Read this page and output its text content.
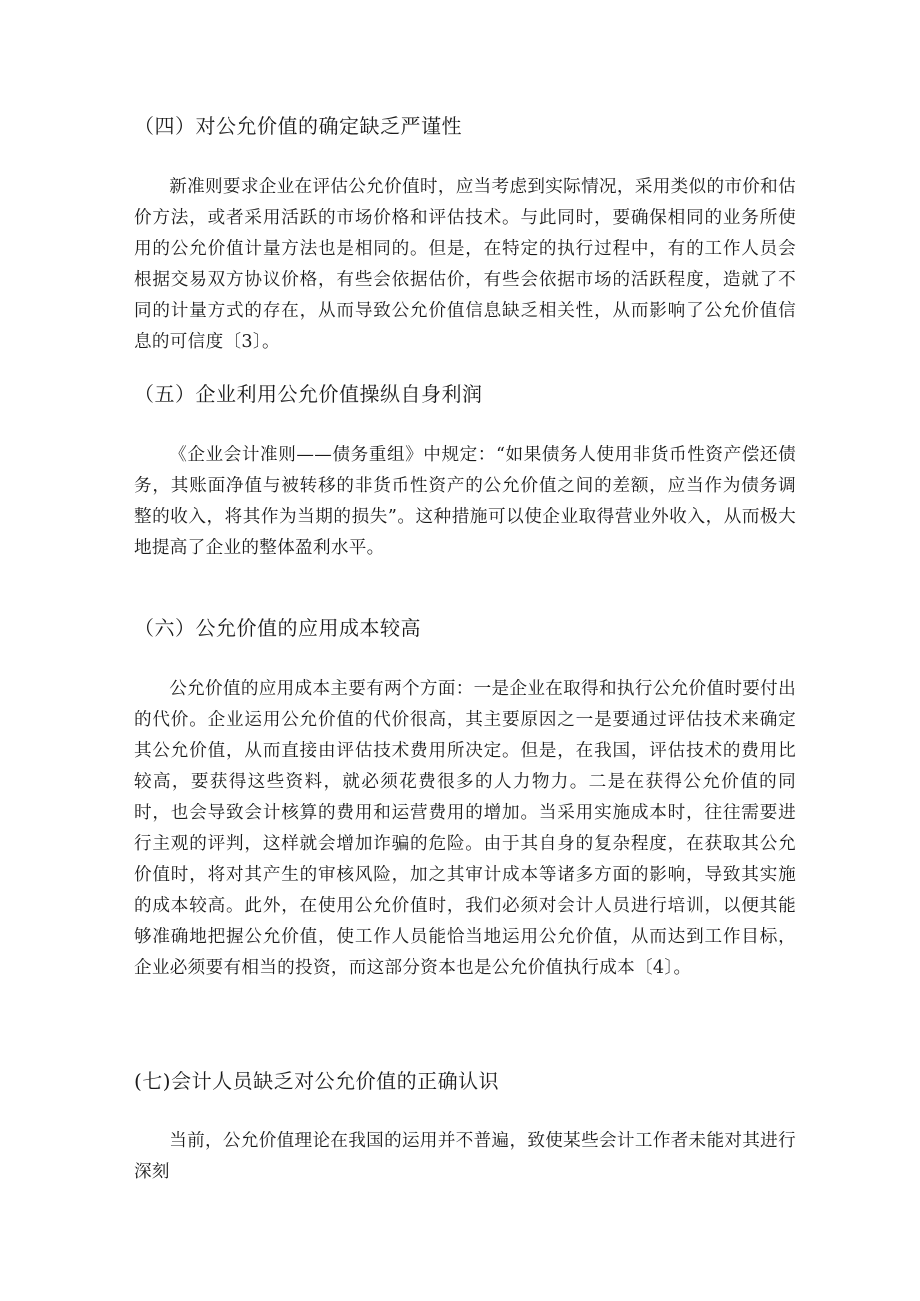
（四）对公允价值的确定缺乏严谨性
新准则要求企业在评估公允价值时，应当考虑到实际情况，采用类似的市价和估价方法，或者采用活跃的市场价格和评估技术。与此同时，要确保相同的业务所使用的公允价值计量方法也是相同的。但是，在特定的执行过程中，有的工作人员会根据交易双方协议价格，有些会依据估价，有些会依据市场的活跃程度，造就了不同的计量方式的存在，从而导致公允价值信息缺乏相关性，从而影响了公允价值信息的可信度〔3〕。
（五）企业利用公允价值操纵自身利润
《企业会计准则——债务重组》中规定：“如果债务人使用非货币性资产偿还债务，其账面净值与被转移的非货币性资产的公允价值之间的差额，应当作为债务调整的收入，将其作为当期的损失”。这种措施可以使企业取得营业外收入，从而极大地提高了企业的整体盈利水平。
（六）公允价值的应用成本较高
公允价值的应用成本主要有两个方面：一是企业在取得和执行公允价值时要付出的代价。企业运用公允价值的代价很高，其主要原因之一是要通过评估技术来确定其公允价值，从而直接由评估技术费用所决定。但是，在我国，评估技术的费用比较高，要获得这些资料，就必须花费很多的人力物力。二是在获得公允价值的同时，也会导致会计核算的费用和运营费用的增加。当采用实施成本时，往往需要进行主观的评判，这样就会增加诈骗的危险。由于其自身的复杂程度，在获取其公允价值时，将对其产生的审核风险，加之其审计成本等诸多方面的影响，导致其实施的成本较高。此外，在使用公允价值时，我们必须对会计人员进行培训，以便其能够准确地把握公允价值，使工作人员能恰当地运用公允价值，从而达到工作目标，企业必须要有相当的投资，而这部分资本也是公允价值执行成本〔4〕。
(七)会计人员缺乏对公允价值的正确认识
当前，公允价值理论在我国的运用并不普遍，致使某些会计工作者未能对其进行深刻
